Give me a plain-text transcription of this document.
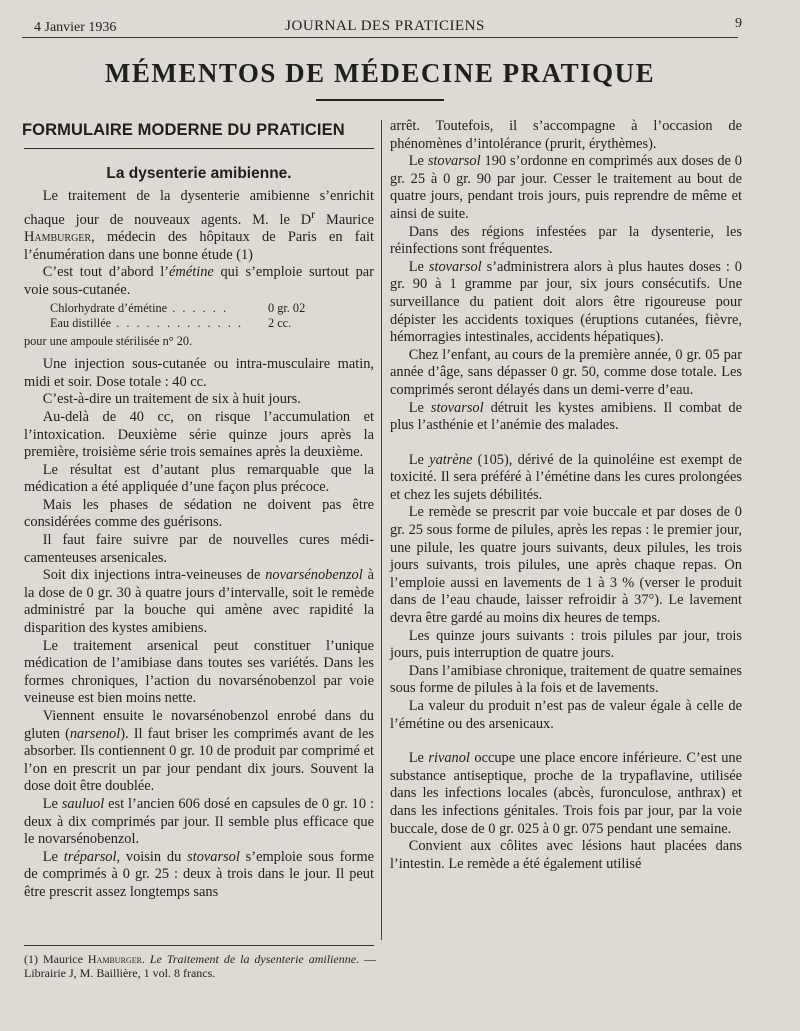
4 Janvier 1936	JOURNAL DES PRATICIENS	9
MÉMENTOS DE MÉDECINE PRATIQUE
FORMULAIRE MODERNE DU PRATICIEN
La dysenterie amibienne.

Le traitement de la dysenterie amibienne s’enrichit chaque jour de nouveaux agents. M. le $D^r$ Maurice Hamburger, médecin des hôpitaux de Paris en fait l’énumération dans une bonne étude (1)

C’est tout d’abord l’émétine qui s’emploie surtout par voie sous-cutanée.

Chlorhydrate d’émétine . . . . . .	0 gr. 02
Eau distillée . . . . . . . . . . . . .	2 cc.
pour une ampoule stérilisée n° 20.

Une injection sous-cutanée ou intra-musculaire matin, midi et soir. Dose totale : 40 cc.

C’est-à-dire un traitement de six à huit jours.

Au-delà de 40 cc, on risque l’accumulation et l’intoxication. Deuxième série quinze jours après la première, troisième série trois semaines après la deuxième.

Le résultat est d’autant plus remarquable que la médication a été appliquée d’une façon plus précoce.

Mais les phases de sédation ne doivent pas être considérées comme des guérisons.

Il faut faire suivre par de nouvelles cures médicamenteuses arsenicales.

Soit dix injections intra-veineuses de novarsénobenzol à la dose de 0 gr. 30 à quatre jours d’intervalle, soit le remède administré par la bouche qui amène avec rapidité la disparition des kystes amibiens.

Le traitement arsenical peut constituer l’unique médication de l’amibiase dans toutes ses variétés. Dans les formes chroniques, l’action du novarsénobenzol par voie veineuse est bien moins nette.

Viennent ensuite le novarsénobenzol enrobé dans du gluten (narsenol). Il faut briser les comprimés avant de les absorber. Ils contiennent 0 gr. 10 de produit par comprimé et l’on en prescrit un par jour pendant dix jours. Souvent la dose doit être doublée.

Le sauluol est l’ancien 606 dosé en capsules de 0 gr. 10 : deux à dix comprimés par jour. Il semble plus efficace que le novarsénobenzol.

Le tréparsol, voisin du stovarsol s’emploie sous forme de comprimés à 0 gr. 25 : deux à trois dans le jour. Il peut être prescrit assez longtemps sans

arrêt. Toutefois, il s’accompagne à l’occasion de phénomènes d’intolérance (prurit, érythèmes).

Le stovarsol 190 s’ordonne en comprimés aux doses de 0 gr. 25 à 0 gr. 90 par jour. Cesser le traitement au bout de quatre jours, pendant trois jours, puis reprendre de même et ainsi de suite.

Dans des régions infestées par la dysenterie, les réinfections sont fréquentes.

Le stovarsol s’administrera alors à plus hautes doses : 0 gr. 90 à 1 gramme par jour, six jours consécutifs. Une surveillance du patient doit alors être rigoureuse pour dépister les accidents toxiques (éruptions cutanées, fièvre, hémorragies intestinales, accidents hépatiques).

Chez l’enfant, au cours de la première année, 0 gr. 05 par année d’âge, sans dépasser 0 gr. 50, comme dose totale. Les comprimés seront délayés dans un demi-verre d’eau.

Le stovarsol détruit les kystes amibiens. Il combat de plus l’asthénie et l’anémie des malades.

Le yatrène (105), dérivé de la quinoléine est exempt de toxicité. Il sera préféré à l’émétine dans les cures prolongées et chez les sujets débilités.

Le remède se prescrit par voie buccale et par doses de 0 gr. 25 sous forme de pilules, après les repas : le premier jour, une pilule, les quatre jours suivants, deux pilules, les trois jours suivants, trois pilules, une après chaque repas. On l’emploie aussi en lavements de 1 à 3 % (verser le produit dans de l’eau chaude, laisser refroidir à 37°). Le lavement devra être gardé au moins dix heures de temps.

Les quinze jours suivants : trois pilules par jour, trois jours, puis interruption de quatre jours.

Dans l’amibiase chronique, traitement de quatre semaines sous forme de pilules à la fois et de lavements.

La valeur du produit n’est pas de valeur égale à celle de l’émétine ou des arsenicaux.

Le rivanol occupe une place encore inférieure. C’est une substance antiseptique, proche de la trypaflavine, utilisée dans les infections locales (abcès, furonculose, anthrax) et dans les infections génitales. Trois fois par jour, par la voie buccale, dose de 0 gr. 025 à 0 gr. 075 pendant une semaine.

Convient aux côlites avec lésions haut placées dans l’intestin. Le remède a été également utilisé

(1) Maurice Hamburger. Le Traitement de la dysenterie amilienne. — Librairie J, M. Baillière, 1 vol. 8 francs.
